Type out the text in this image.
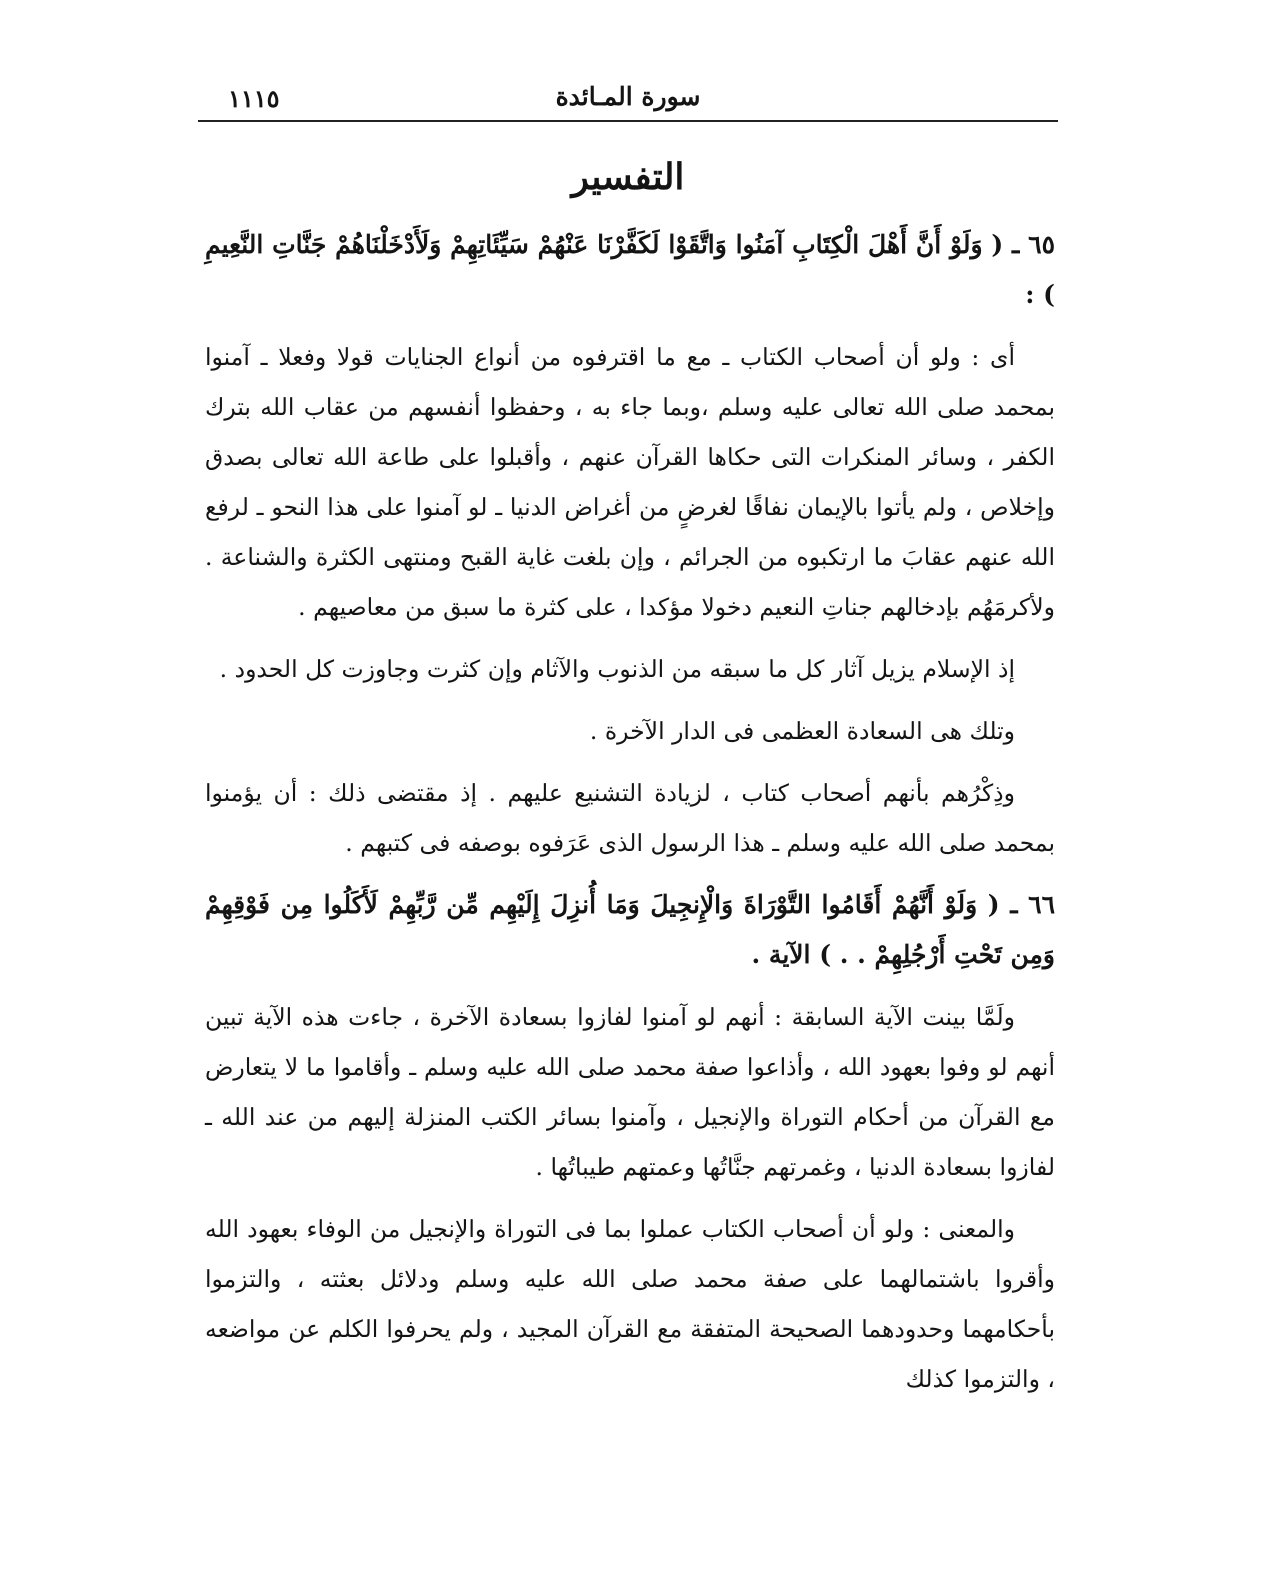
١١١٥	سورة المـائدة
التفسير

٦٥ ـ ( وَلَوْ أَنَّ أَهْلَ الْكِتَابِ آمَنُوا وَاتَّقَوْا لَكَفَّرْنَا عَنْهُمْ سَيِّئَاتِهِمْ وَلَأَدْخَلْنَاهُمْ جَنَّاتِ النَّعِيمِ ) :

أى : ولو أن أصحاب الكتاب ـ مع ما اقترفوه من أنواع الجنايات قولا وفعلا ـ آمنوا بمحمد صلى الله تعالى عليه وسلم ،وبما جاء به ، وحفظوا أنفسهم من عقاب الله بترك الكفر ، وسائر المنكرات التى حكاها القرآن عنهم ، وأقبلوا على طاعة الله تعالى بصدق وإخلاص ، ولم يأتوا بالإيمان نفاقًا لغرضٍ من أغراض الدنيا ـ لو آمنوا على هذا النحو ـ لرفع الله عنهم عقابَ ما ارتكبوه من الجرائم ، وإن بلغت غاية القبح ومنتهى الكثرة والشناعة . ولأكرمَهُم بإدخالهم جناتِ النعيم دخولا مؤكدا ، على كثرة ما سبق من معاصيهم .

إذ الإسلام يزيل آثار كل ما سبقه من الذنوب والآثام وإن كثرت وجاوزت كل الحدود .

وتلك هى السعادة العظمى فى الدار الآخرة .

وذِكْرُهم بأنهم أصحاب كتاب ، لزيادة التشنيع عليهم . إذ مقتضى ذلك : أن يؤمنوا بمحمد صلى الله عليه وسلم ـ هذا الرسول الذى عَرَفوه بوصفه فى كتبهم .

٦٦ ـ ( وَلَوْ أَنَّهُمْ أَقَامُوا التَّوْرَاةَ وَالْإِنجِيلَ وَمَا أُنزِلَ إِلَيْهِم مِّن رَّبِّهِمْ لَأَكَلُوا مِن فَوْقِهِمْ وَمِن تَحْتِ أَرْجُلِهِمْ . . ) الآية .

ولَمَّا بينت الآية السابقة : أنهم لو آمنوا لفازوا بسعادة الآخرة ، جاءت هذه الآية تبين أنهم لو وفوا بعهود الله ، وأذاعوا صفة محمد صلى الله عليه وسلم ـ وأقاموا ما لا يتعارض مع القرآن من أحكام التوراة والإنجيل ، وآمنوا بسائر الكتب المنزلة إليهم من عند الله ـ لفازوا بسعادة الدنيا ، وغمرتهم جنَّاتُها وعمتهم طيباتُها .

والمعنى : ولو أن أصحاب الكتاب عملوا بما فى التوراة والإنجيل من الوفاء بعهود الله وأقروا باشتمالهما على صفة محمد صلى الله عليه وسلم ودلائل بعثته ، والتزموا بأحكامهما وحدودهما الصحيحة المتفقة مع القرآن المجيد ، ولم يحرفوا الكلم عن مواضعه ، والتزموا كذلك
